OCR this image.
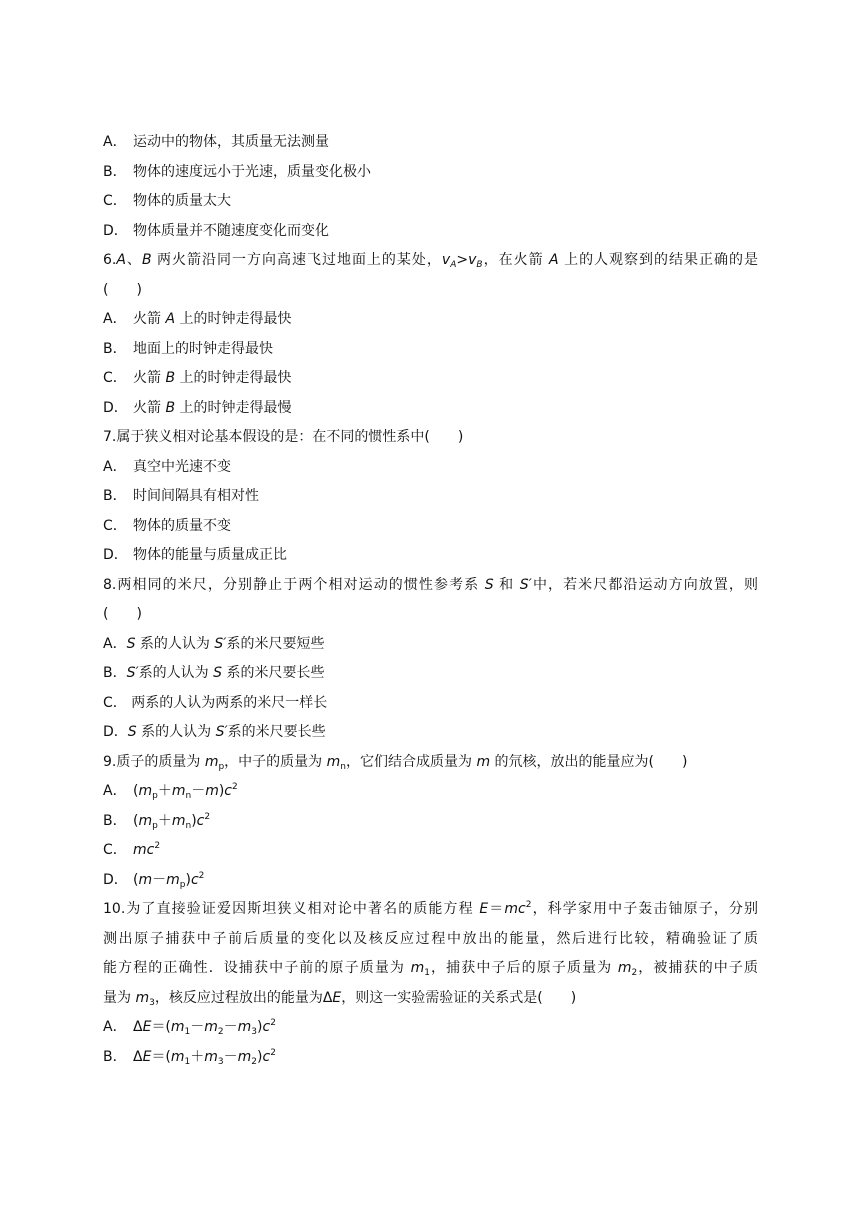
A． 运动中的物体，其质量无法测量
B． 物体的速度远小于光速，质量变化极小
C． 物体的质量太大
D． 物体质量并不随速度变化而变化
6.A、B 两火箭沿同一方向高速飞过地面上的某处，$v_A>v_B$，在火箭 A 上的人观察到的结果正确的是
(　　)
A． 火箭 A 上的时钟走得最快
B． 地面上的时钟走得最快
C． 火箭 B 上的时钟走得最快
D． 火箭 B 上的时钟走得最慢
7.属于狭义相对论基本假设的是：在不同的惯性系中(　　)
A． 真空中光速不变
B． 时间间隔具有相对性
C． 物体的质量不变
D． 物体的能量与质量成正比
8.两相同的米尺，分别静止于两个相对运动的惯性参考系 S 和 S′中，若米尺都沿运动方向放置，则
(　　)
A．S 系的人认为 S′系的米尺要短些
B．S′系的人认为 S 系的米尺要长些
C． 两系的人认为两系的米尺一样长
D．S 系的人认为 S′系的米尺要长些
9.质子的质量为 $m_p$，中子的质量为 $m_n$，它们结合成质量为 m 的氘核，放出的能量应为(　　)
A． $(m_p+m_n-m)c^2$
B． $(m_p+m_n)c^2$
C． $mc^2$
D． $(m-m_p)c^2$
10.为了直接验证爱因斯坦狭义相对论中著名的质能方程 $E=mc^2$，科学家用中子轰击铀原子，分别
测出原子捕获中子前后质量的变化以及核反应过程中放出的能量，然后进行比较，精确验证了质
能方程的正确性．设捕获中子前的原子质量为 $m_1$，捕获中子后的原子质量为 $m_2$，被捕获的中子质
量为 $m_3$，核反应过程放出的能量为ΔE，则这一实验需验证的关系式是(　　)
A． $\Delta E=(m_1-m_2-m_3)c^2$
B． $\Delta E=(m_1+m_3-m_2)c^2$
